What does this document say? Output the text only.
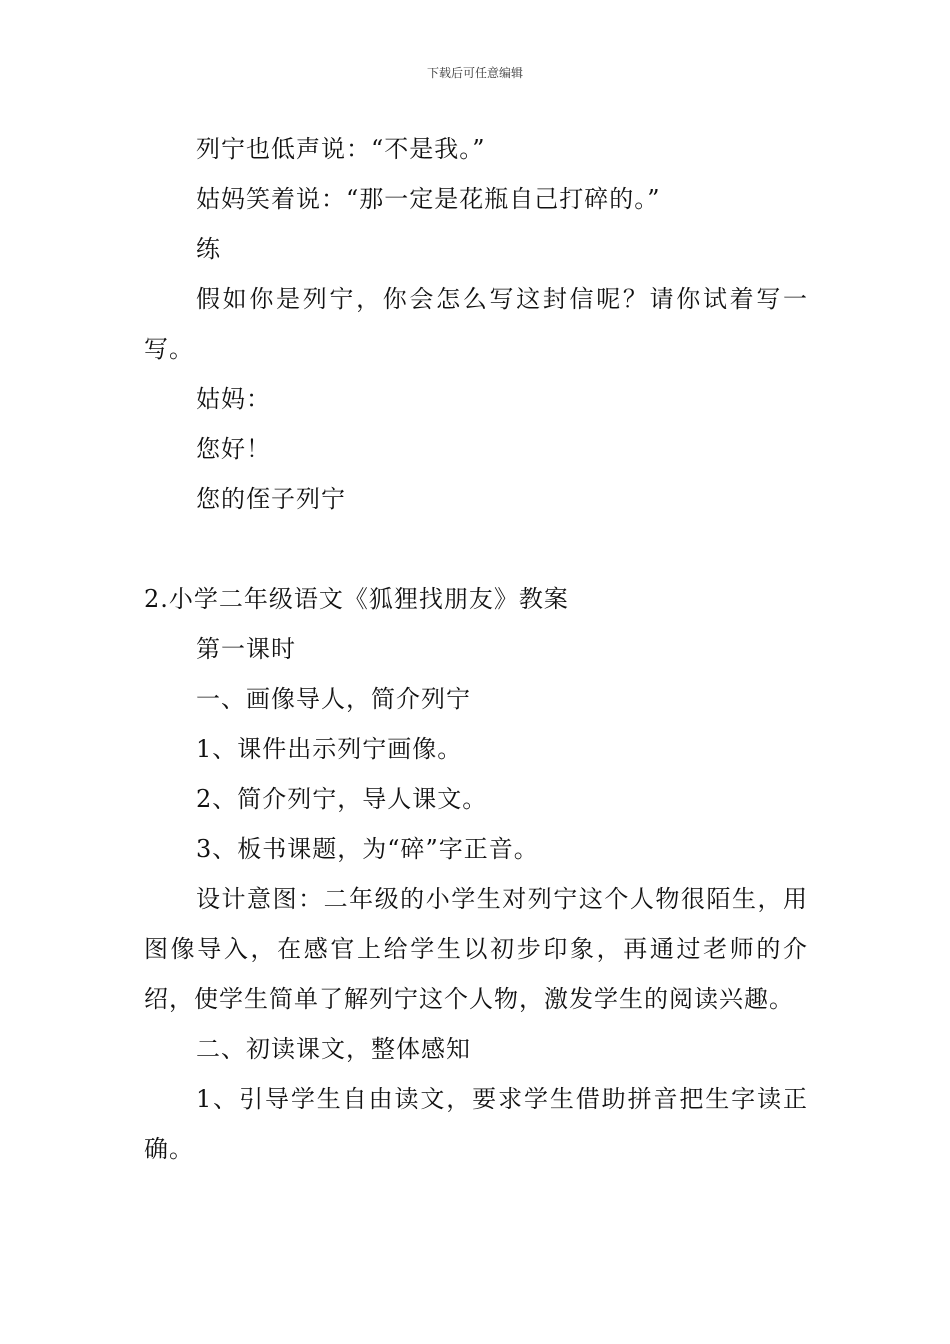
下载后可任意编辑

列宁也低声说：“不是我。”

姑妈笑着说：“那一定是花瓶自己打碎的。”

练

假如你是列宁，你会怎么写这封信呢？请你试着写一写。

姑妈：

您好！

您的侄子列宁

2.小学二年级语文《狐狸找朋友》教案

第一课时

一、画像导人，简介列宁

1、课件出示列宁画像。

2、简介列宁，导人课文。

3、板书课题，为“碎”字正音。

设计意图：二年级的小学生对列宁这个人物很陌生，用图像导入，在感官上给学生以初步印象，再通过老师的介绍，使学生简单了解列宁这个人物，激发学生的阅读兴趣。

二、初读课文，整体感知

1、引导学生自由读文，要求学生借助拼音把生字读正确。
